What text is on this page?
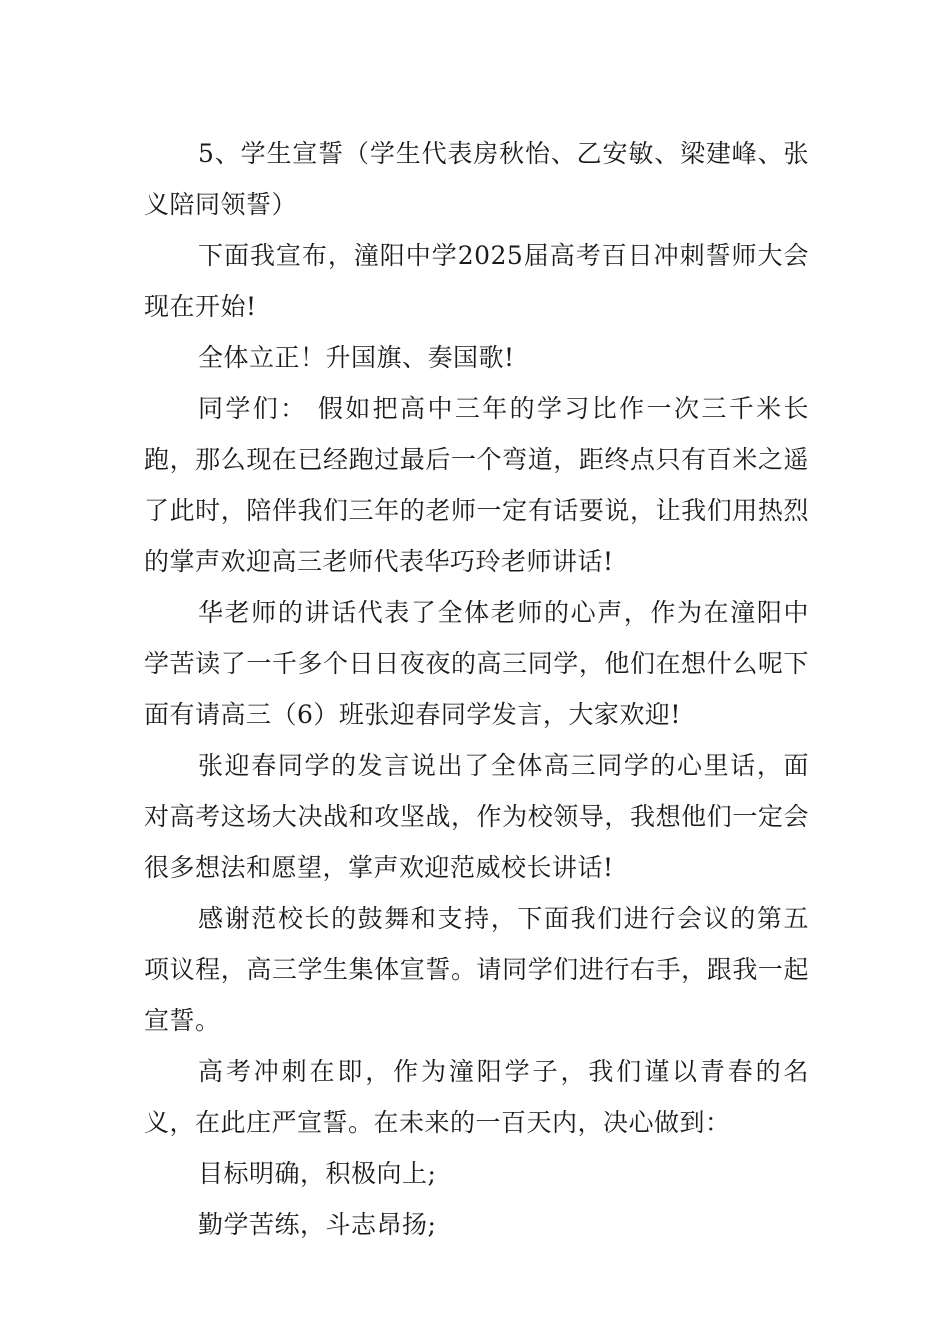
5、学生宣誓（学生代表房秋怡、乙安敏、梁建峰、张义陪同领誓）

下面我宣布，潼阳中学2025届高考百日冲刺誓师大会现在开始!

全体立正！升国旗、奏国歌!

同学们： 假如把高中三年的学习比作一次三千米长跑，那么现在已经跑过最后一个弯道，距终点只有百米之遥了此时，陪伴我们三年的老师一定有话要说，让我们用热烈的掌声欢迎高三老师代表华巧玲老师讲话!

华老师的讲话代表了全体老师的心声，作为在潼阳中学苦读了一千多个日日夜夜的高三同学，他们在想什么呢下面有请高三（6）班张迎春同学发言，大家欢迎!

张迎春同学的发言说出了全体高三同学的心里话，面对高考这场大决战和攻坚战，作为校领导，我想他们一定会很多想法和愿望，掌声欢迎范威校长讲话!

感谢范校长的鼓舞和支持，下面我们进行会议的第五项议程，高三学生集体宣誓。请同学们进行右手，跟我一起宣誓。

高考冲刺在即，作为潼阳学子，我们谨以青春的名义，在此庄严宣誓。在未来的一百天内，决心做到：

目标明确，积极向上;

勤学苦练，斗志昂扬;
